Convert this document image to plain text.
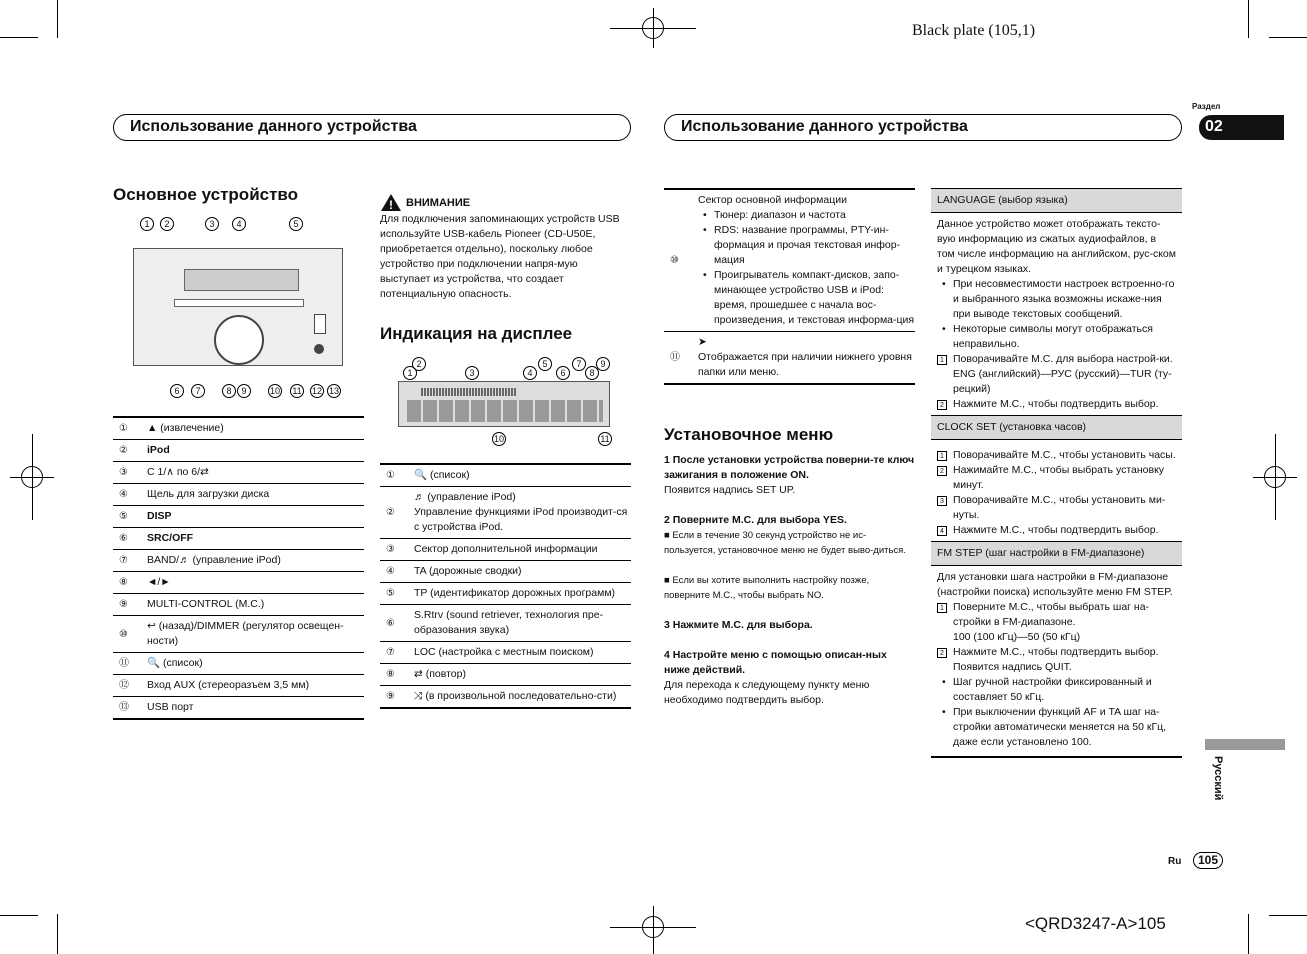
Black plate (105,1)
<QRD3247-A>105
Использование данного устройства	Использование данного устройства
Раздел
02
Основное устройство
1	2	3	4	5
6	7	8	9	10 11 12 13
①	▲ (извлечение)
②	iPod
③	С 1/∧ по 6/⇄
④	Щель для загрузки диска
⑤	DISP
⑥	SRC/OFF
⑦	BAND/♬ (управление iPod)
⑧	◄/►
⑨	MULTI-CONTROL (M.C.)
⑩	↩ (назад)/DIMMER (регулятор освещен-ности)
⑪	🔍 (список)
⑫	Вход AUX (стереоразъем 3,5 мм)
⑬	USB порт
! ВНИМАНИЕ
Для подключения запоминающих устройств USB используйте USB-кабель Pioneer (CD-U50E, приобретается отдельно), поскольку любое устройство при подключении напря-мую выступает из устройства, что создает потенциальную опасность.
Индикация на дисплее
1
2
3	4
5
6
7
8
9
10	11
①	🔍 (список)
②	♬ (управление iPod)
Управление функциями iPod производит-ся с устройства iPod.
③	Сектор дополнительной информации
④	TA (дорожные сводки)
⑤	TP (идентификатор дорожных программ)
⑥	S.Rtrv (sound retriever, технология пре-образования звука)
⑦	LOC (настройка с местным поиском)
⑧	⇄ (повтор)
⑨	⤨ (в произвольной последовательно-сти)
⑩	Сектор основной информации
• Тюнер: диапазон и частота
• RDS: название программы, PTY-ин-формация и прочая текстовая инфор-мация
• Проигрыватель компакт-дисков, запо-минающее устройство USB и iPod: время, прошедшее с начала вос-произведения, и текстовая информа-ция

⑪	➤
Отображается при наличии нижнего уровня папки или меню.
Установочное меню
1 После установки устройства поверни-те ключ зажигания в положение ON.
Появится надпись SET UP.
2 Поверните M.C. для выбора YES.
■ Если в течение 30 секунд устройство не ис-пользуется, установочное меню не будет выво-диться.
■ Если вы хотите выполнить настройку позже, поверните M.C., чтобы выбрать NO.
3 Нажмите M.C. для выбора.
4 Настройте меню с помощью описан-ных ниже действий.
Для перехода к следующему пункту меню необходимо подтвердить выбор.
LANGUAGE (выбор языка)
Данное устройство может отображать тексто-вую информацию из сжатых аудиофайлов, в том числе информацию на английском, рус-ском и турецком языках.
• При несовместимости настроек встроенно-го и выбранного языка возможны искаже-ния при выводе текстовых сообщений.
• Некоторые символы могут отображаться неправильно.
1 Поворачивайте M.C. для выбора настрой-ки.
ENG (английский)—РУС (русский)—TUR (ту-рецкий)
2 Нажмите M.C., чтобы подтвердить выбор.
CLOCK SET (установка часов)
1 Поворачивайте M.C., чтобы установить часы.
2 Нажимайте M.C., чтобы выбрать установку минут.
3 Поворачивайте M.C., чтобы установить ми-нуты.
4 Нажмите M.C., чтобы подтвердить выбор.
FM STEP (шаг настройки в FM-диапазоне)
Для установки шага настройки в FM-диапазоне (настройки поиска) используйте меню FM STEP.
1 Поверните M.C., чтобы выбрать шаг на-стройки в FM-диапазоне.
100 (100 кГц)—50 (50 кГц)
2 Нажмите M.C., чтобы подтвердить выбор.
Появится надпись QUIT.
• Шаг ручной настройки фиксированный и составляет 50 кГц.
• При выключении функций AF и TA шаг на-стройки автоматически меняется на 50 кГц, даже если установлено 100.
Русский
Ru	105
